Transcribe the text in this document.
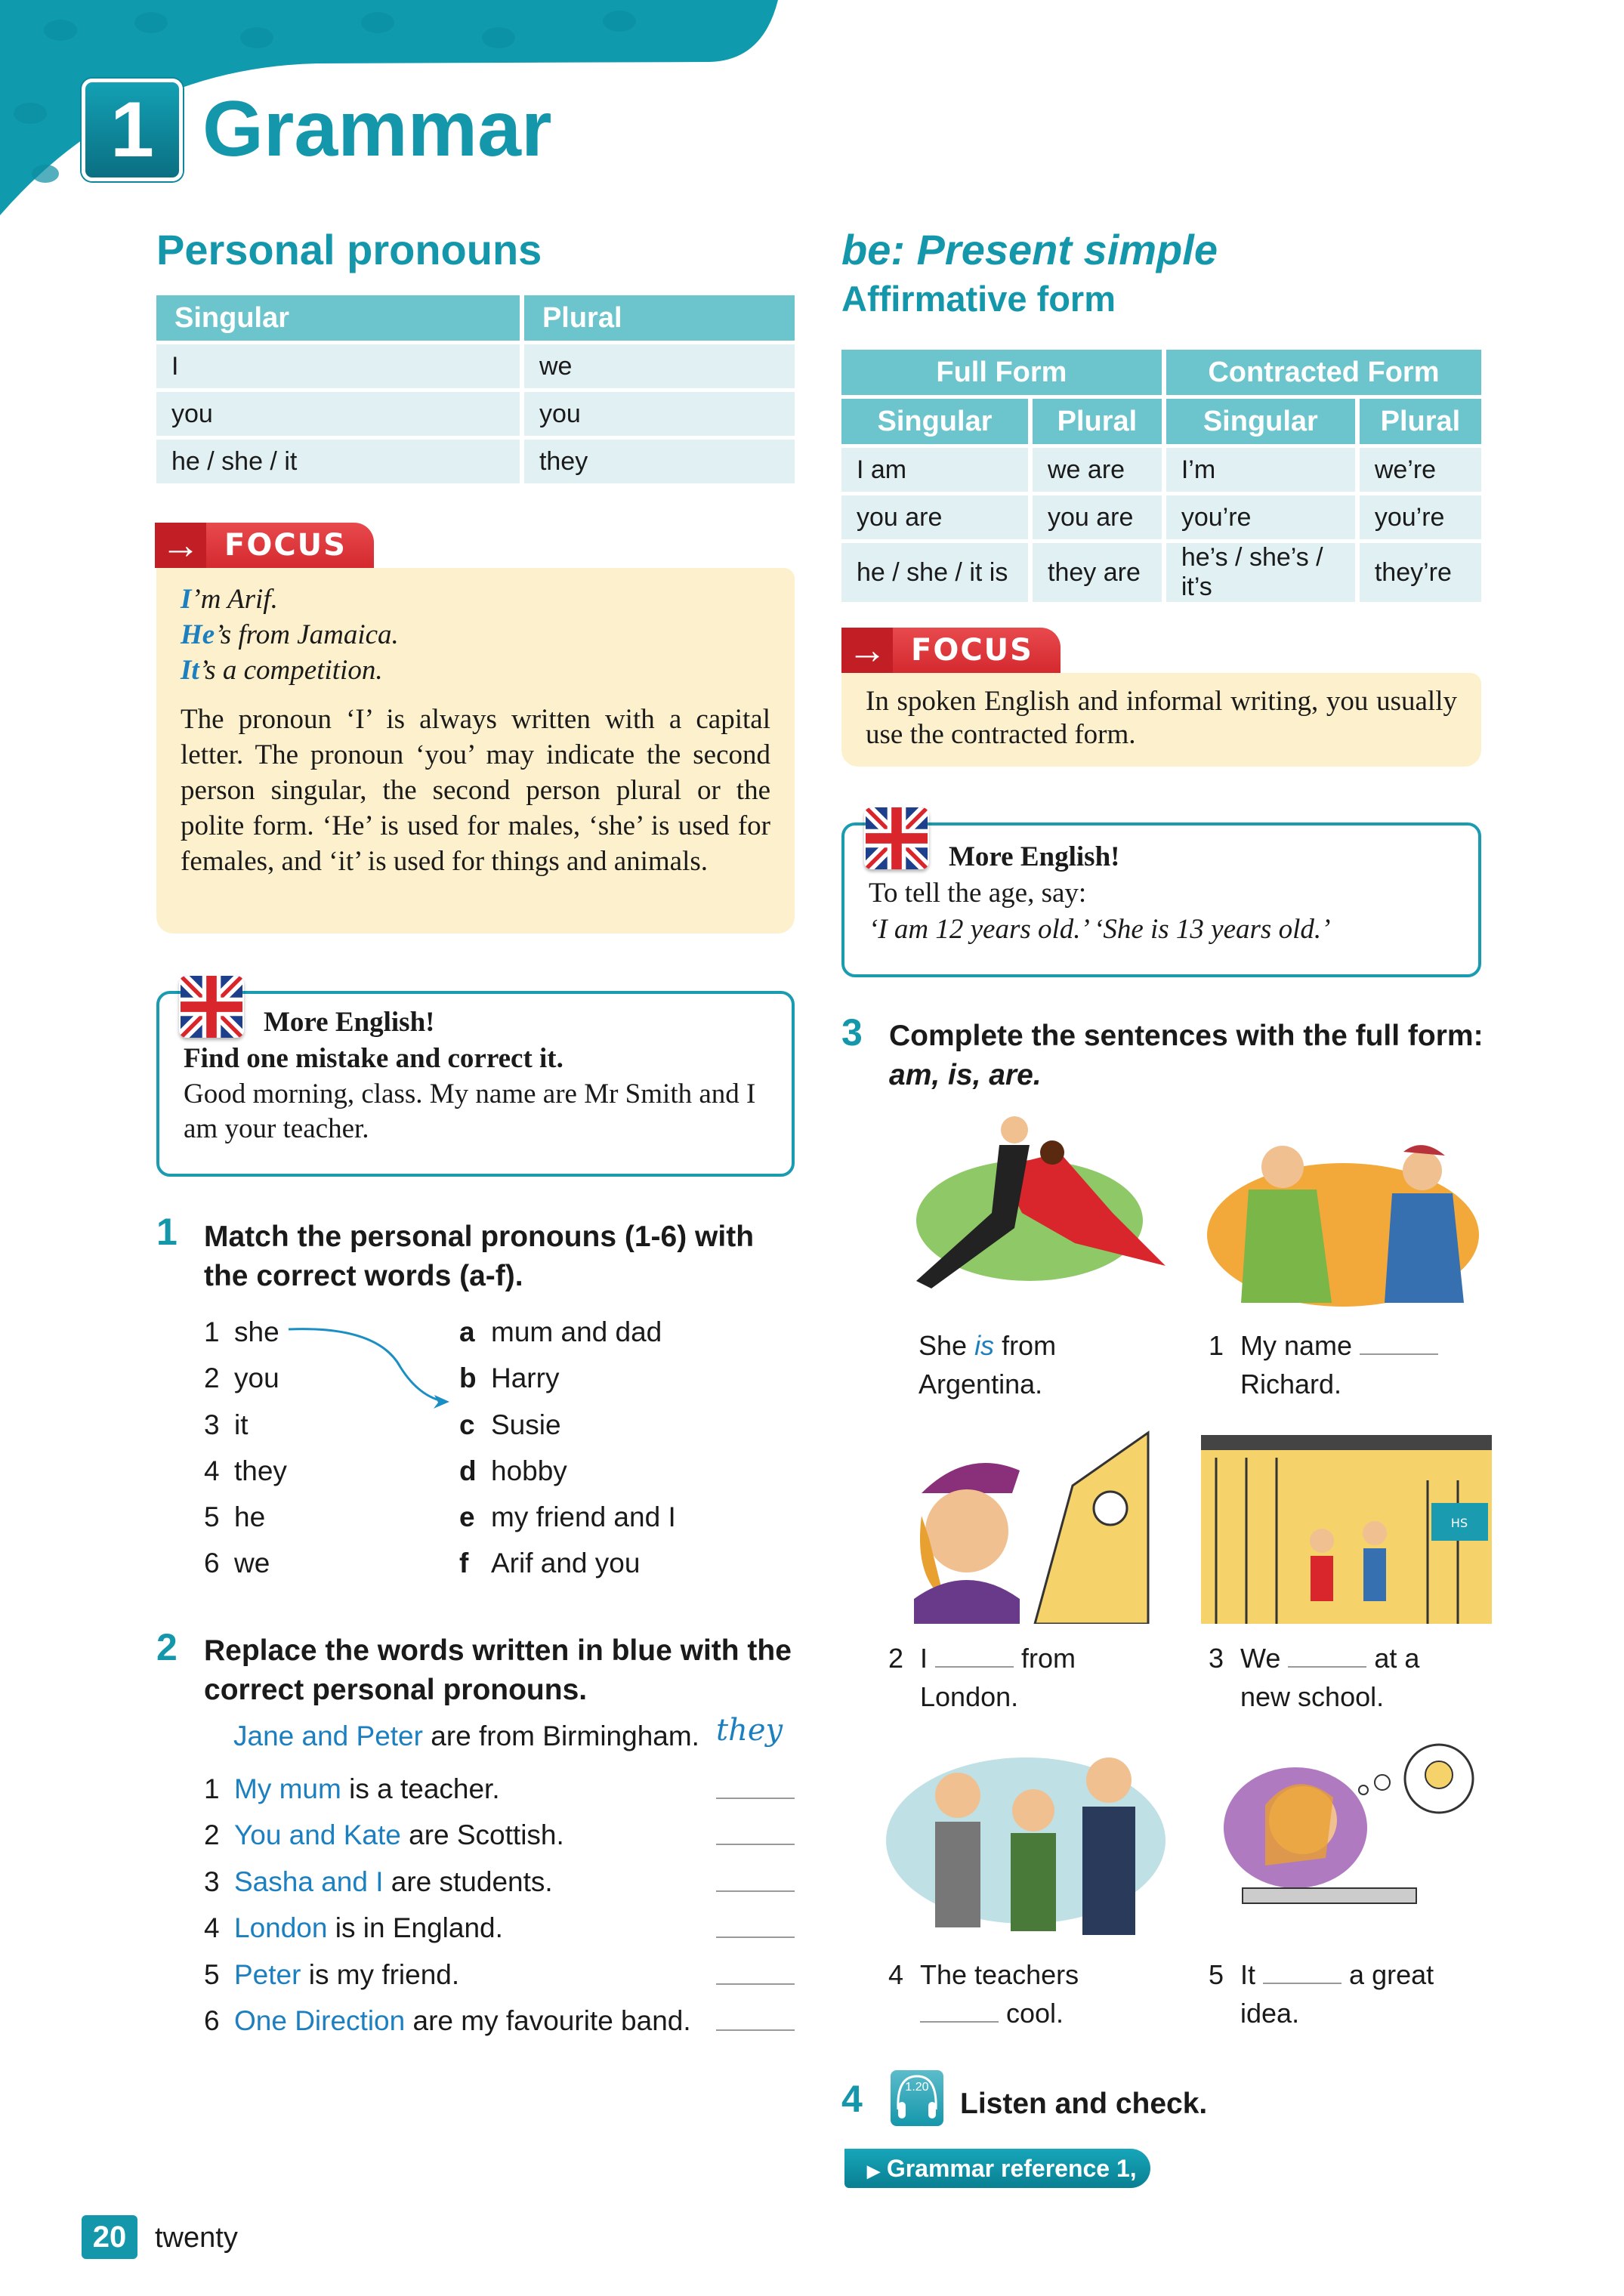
1 Grammar
Personal pronouns
Singular	Plural
I	we
you	you
he / she / it	they
→ FOCUS
I’m Arif.
He’s from Jamaica.
It’s a competition.
The pronoun ‘I’ is always written with a capital letter. The pronoun ‘you’ may indicate the second person singular, the second person plural or the polite form. ‘He’ is used for males, ‘she’ is used for females, and ‘it’ is used for things and animals.
More English!
Find one mistake and correct it.
Good morning, class. My name are Mr Smith and I am your teacher.
1 Match the personal pronouns (1-6) with the correct words (a-f).
1 she
2 you
3 it
4 they
5 he
6 we
a mum and dad
b Harry
c Susie
d hobby
e my friend and I
f Arif and you
2 Replace the words written in blue with the correct personal pronouns.
Jane and Peter are from Birmingham. they
1 My mum is a teacher.
2 You and Kate are Scottish.
3 Sasha and I are students.
4 London is in England.
5 Peter is my friend.
6 One Direction are my favourite band.
20 twenty
be: Present simple
Affirmative form
Full Form		Contracted Form	
Singular	Plural	Singular	Plural
I am	we are	I’m	we’re
you are	you are	you’re	you’re
he / she / it is	they are	he’s / she’s / it’s	they’re
→ FOCUS
In spoken English and informal writing, you usually use the contracted form.
More English!
To tell the age, say:
‘I am 12 years old.’ ‘She is 13 years old.’
3 Complete the sentences with the full form:
am, is, are.
HS
She is from
Argentina.
1 My name
Richard.
2 I	from
London.
3 We	at a
new school.
4 The teachers
cool.
5 It	a great
idea.
4	1.20
Listen and check.
▶ Grammar reference 1, 6
